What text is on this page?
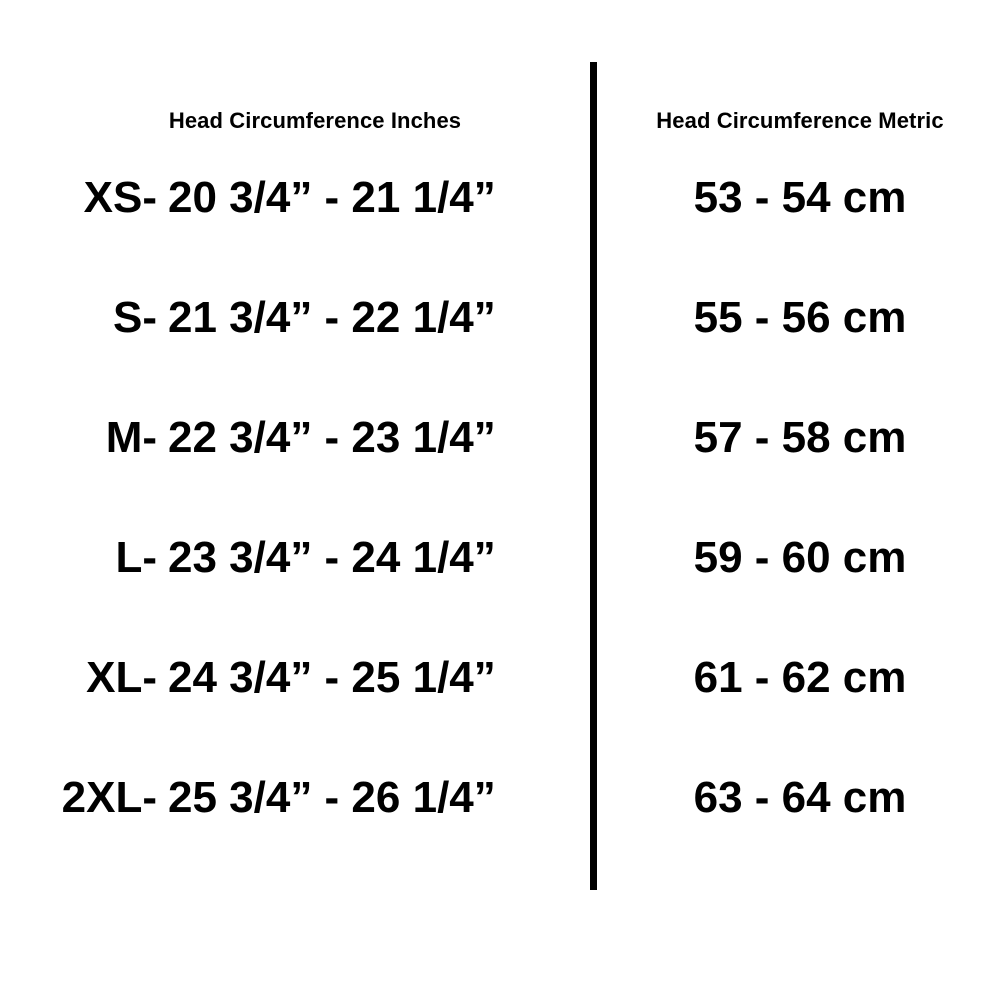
Head Circumference Inches	Head Circumference Metric
XS- 20 3/4” - 21 1/4”	53 - 54 cm
S- 21 3/4” - 22 1/4”	55 - 56 cm
M- 22 3/4” - 23 1/4”	57 - 58 cm
L- 23 3/4” - 24 1/4”	59 - 60 cm
XL- 24 3/4” - 25 1/4”	61 - 62 cm
2XL- 25 3/4” - 26 1/4”	63 - 64 cm
